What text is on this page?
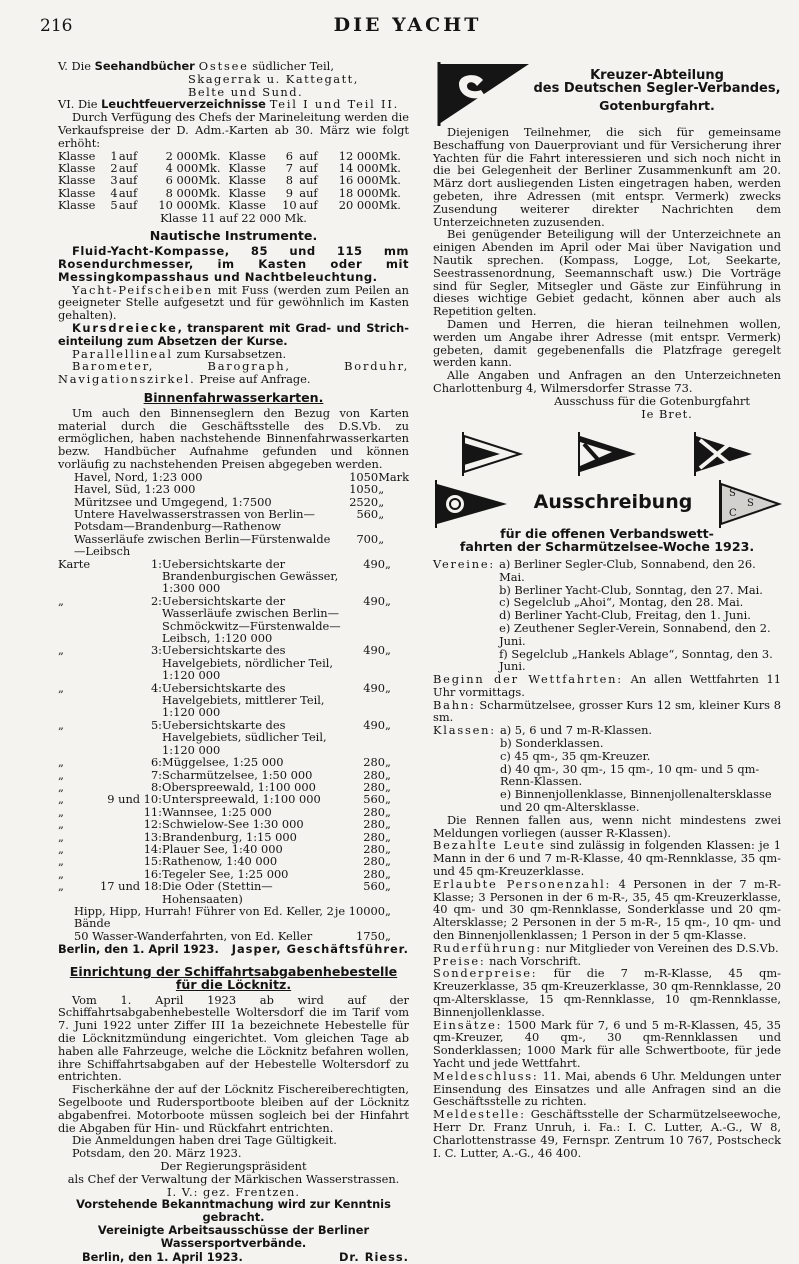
216	DIE YACHT

V. Die Seehandbücher Ostsee südlicher Teil,

Skagerrak u. Kattegatt,

Belte und Sund.

VI. Die Leuchtfeuerverzeichnisse Teil I und Teil II.

Durch Verfügung des Chefs der Marineleitung werden die Verkaufspreise der D. Adm.-Karten ab 30. März wie folgt erhöht:

Klasse	1	auf	2 000	Mk.	Klasse	6	auf	12 000	Mk.
Klasse	2	auf	4 000	Mk.	Klasse	7	auf	14 000	Mk.
Klasse	3	auf	6 000	Mk.	Klasse	8	auf	16 000	Mk.
Klasse	4	auf	8 000	Mk.	Klasse	9	auf	18 000	Mk.
Klasse	5	auf	10 000	Mk.	Klasse	10	auf	20 000	Mk.

Klasse 11 auf 22 000 Mk.

Nautische Instrumente.

Fluid-Yacht-Kompasse, 85 und 115 mm Rosendurchmesser, im Kasten oder mit Messingkompasshaus und Nachtbeleuchtung.

Yacht-Peifscheiben mit Fuss (werden zum Peilen an geeigneter Stelle aufgesetzt und für gewöhnlich im Kasten gehalten).

Kursdreiecke, transparent mit Grad- und Strich-einteilung zum Absetzen der Kurse.

Parallellineal zum Kursabsetzen.

Barometer, Barograph, Borduhr, Navigationszirkel. Preise auf Anfrage.

Binnenfahrwasserkarten.

Um auch den Binnenseglern den Bezug von Karten material durch die Geschäftsstelle des D.S.Vb. zu ermöglichen, haben nachstehende Binnenfahrwasserkarten bezw. Handbücher Aufnahme gefunden und können vorläufig zu nachstehenden Preisen abgegeben werden.

Havel, Nord, 1:23 000	1050	Mark
Havel, Süd, 1:23 000	1050	„
Müritzsee und Umgegend, 1:7500	2520	„
Untere Havelwasserstrassen von Berlin—Potsdam—Brandenburg—Rathenow	560	„
Wasserläufe zwischen Berlin—Fürstenwalde—Leibsch	700	„
Karte	1:	Uebersichtskarte der Brandenburgischen Gewässer, 1:300 000	490	„
„	2:	Uebersichtskarte der Wasserläufe zwischen Berlin—Schmöckwitz—Fürstenwalde—Leibsch, 1:120 000	490	„
„	3:	Uebersichtskarte des Havelgebiets, nördlicher Teil, 1:120 000	490	„
„	4:	Uebersichtskarte des Havelgebiets, mittlerer Teil, 1:120 000	490	„
„	5:	Uebersichtskarte des Havelgebiets, südlicher Teil, 1:120 000	490	„
„	6:	Müggelsee, 1:25 000	280	„
„	7:	Scharmützelsee, 1:50 000	280	„
„	8:	Oberspreewald, 1:100 000	280	„
„	9 und 10:	Unterspreewald, 1:100 000	560	„
„	11:	Wannsee, 1:25 000	280	„
„	12:	Schwielow-See 1:30 000	280	„
„	13:	Brandenburg, 1:15 000	280	„
„	14:	Plauer See, 1:40 000	280	„
„	15:	Rathenow, 1:40 000	280	„
„	16:	Tegeler See, 1:25 000	280	„
„	17 und 18:	Die Oder (Stettin—Hohensaaten)	560	„
Hipp, Hipp, Hurrah! Führer von Ed. Keller, 2 Bände	je 10000	„
50 Wasser-Wanderfahrten, von Ed. Keller	1750	„
Berlin, den 1. April 1923. Jasper, Geschäftsführer.
Einrichtung der Schiffahrtsabgabenhebestelle
für die Löcknitz.

Vom 1. April 1923 ab wird auf der Schiffahrtsabgabenhebestelle Woltersdorf die im Tarif vom 7. Juni 1922 unter Ziffer III 1a bezeichnete Hebestelle für die Löcknitzmündung eingerichtet. Vom gleichen Tage ab haben alle Fahrzeuge, welche die Löcknitz befahren wollen, ihre Schiffahrtsabgaben auf der Hebestelle Woltersdorf zu entrichten.

Fischerkähne der auf der Löcknitz Fischereiberechtigten, Segelboote und Rudersportboote bleiben auf der Löcknitz abgabenfrei. Motorboote müssen sogleich bei der Hinfahrt die Abgaben für Hin- und Rückfahrt entrichten.

Die Anmeldungen haben drei Tage Gültigkeit.

Potsdam, den 20. März 1923.

Der Regierungspräsident

als Chef der Verwaltung der Märkischen Wasserstrassen.

I. V.: gez. Frentzen.

Vorstehende Bekanntmachung wird zur Kenntnis gebracht.

Vereinigte Arbeitsausschüsse der Berliner Wassersportverbände.

Berlin, den 1. April 1923.	Dr. Riess.
Kreuzer-Abteilung
des Deutschen Segler-Verbandes,
Gotenburgfahrt.

Diejenigen Teilnehmer, die sich für gemeinsame Beschaffung von Dauerproviant und für Versicherung ihrer Yachten für die Fahrt interessieren und sich noch nicht in die bei Gelegenheit der Berliner Zusammenkunft am 20. März dort ausliegenden Listen eingetragen haben, werden gebeten, ihre Adressen (mit entspr. Vermerk) zwecks Zusendung weiterer direkter Nachrichten dem Unterzeichneten zuzusenden.

Bei genügender Beteiligung will der Unterzeichnete an einigen Abenden im April oder Mai über Navigation und Nautik sprechen. (Kompass, Logge, Lot, Seekarte, Seestrassenordnung, Seemannschaft usw.) Die Vorträge sind für Segler, Mitsegler und Gäste zur Einführung in dieses wichtige Gebiet gedacht, können aber auch als Repetition gelten.

Damen und Herren, die hieran teilnehmen wollen, werden um Angabe ihrer Adresse (mit entspr. Vermerk) gebeten, damit gegebenenfalls die Platzfrage geregelt werden kann.

Alle Angaben und Anfragen an den Unterzeichneten Charlottenburg 4, Wilmersdorfer Strasse 73.

Ausschuss für die Gotenburgfahrt

Ie Bret.

Ausschreibung	S
C
S
für die offenen Verbandswett-
fahrten der Scharmützelsee-Woche 1923.
Vereine: a) Berliner Segler-Club, Sonnabend, den 26. Mai.
b) Berliner Yacht-Club, Sonntag, den 27. Mai.
c) Segelclub „Ahoi“, Montag, den 28. Mai.
d) Berliner Yacht-Club, Freitag, den 1. Juni.
e) Zeuthener Segler-Verein, Sonnabend, den 2. Juni.
f) Segelclub „Hankels Ablage“, Sonntag, den 3. Juni.

Beginn der Wettfahrten: An allen Wettfahrten 11 Uhr vormittags.

Bahn: Scharmützelsee, grosser Kurs 12 sm, kleiner Kurs 8 sm.

Klassen: a) 5, 6 und 7 m-R-Klassen.
b) Sonderklassen.
c) 45 qm-, 35 qm-Kreuzer.
d) 40 qm-, 30 qm-, 15 qm-, 10 qm- und 5 qm-Renn-Klassen.
e) Binnenjollenklasse, Binnenjollenaltersklasse und 20 qm-Altersklasse.

Die Rennen fallen aus, wenn nicht mindestens zwei Meldungen vorliegen (ausser R-Klassen).

Bezahlte Leute sind zulässig in folgenden Klassen: je 1 Mann in der 6 und 7 m-R-Klasse, 40 qm-Rennklasse, 35 qm- und 45 qm-Kreuzerklasse.

Erlaubte Personenzahl: 4 Personen in der 7 m-R-Klasse; 3 Personen in der 6 m-R-, 35, 45 qm-Kreuzerklasse, 40 qm- und 30 qm-Rennklasse, Sonderklasse und 20 qm-Altersklasse; 2 Personen in der 5 m-R-, 15 qm-, 10 qm- und den Binnenjollenklassen; 1 Person in der 5 qm-Klasse.

Ruderführung: nur Mitglieder von Vereinen des D.S.Vb.

Preise: nach Vorschrift.

Sonderpreise: für die 7 m-R-Klasse, 45 qm-Kreuzerklasse, 35 qm-Kreuzerklasse, 30 qm-Rennklasse, 20 qm-Altersklasse, 15 qm-Rennklasse, 10 qm-Rennklasse, Binnenjollenklasse.

Einsätze: 1500 Mark für 7, 6 und 5 m-R-Klassen, 45, 35 qm-Kreuzer, 40 qm-, 30 qm-Rennklassen und Sonderklassen; 1000 Mark für alle Schwertboote, für jede Yacht und jede Wettfahrt.

Meldeschluss: 11. Mai, abends 6 Uhr. Meldungen unter Einsendung des Einsatzes und alle Anfragen sind an die Geschäftsstelle zu richten.

Meldestelle: Geschäftsstelle der Scharmützelseewoche, Herr Dr. Franz Unruh, i. Fa.: I. C. Lutter, A.-G., W 8, Charlottenstrasse 49, Fernspr. Zentrum 10 767, Postscheck I. C. Lutter, A.-G., 46 400.
